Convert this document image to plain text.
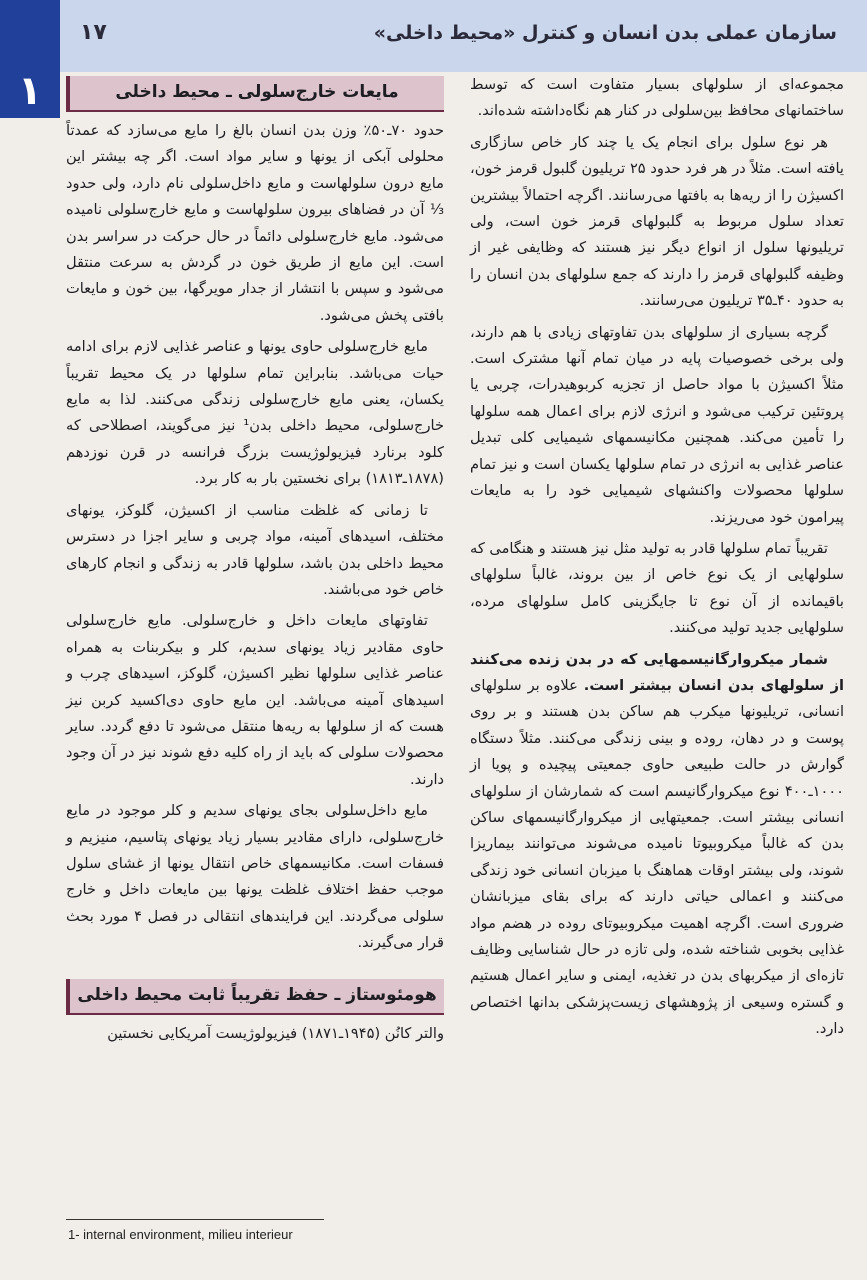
۱
۱۷	سازمان عملی بدن انسان و کنترل «محیط داخلی»
مایعات خارج‌سلولی ـ محیط داخلی

حدود ۷۰ـ۵۰٪ وزن بدن انسان بالغ را مایع می‌سازد که عمدتاً محلولی آبکی از یونها و سایر مواد است. اگر چه بیشتر این مایع درون سلولهاست و مایع داخل‌سلولی نام دارد، ولی حدود ⅓ آن در فضاهای بیرون سلولهاست و مایع خارج‌سلولی نامیده می‌شود. مایع خارج‌سلولی دائماً در حال حرکت در سراسر بدن است. این مایع از طریق خون در گردش به سرعت منتقل می‌شود و سپس با انتشار از جدار مویرگها، بین خون و مایعات بافتی پخش می‌شود.

مایع خارج‌سلولی حاوی یونها و عناصر غذایی لازم برای ادامه حیات می‌باشد. بنابراین تمام سلولها در یک محیط تقریباً یکسان، یعنی مایع خارج‌سلولی زندگی می‌کنند. لذا به مایع خارج‌سلولی، محیط داخلی بدن¹ نیز می‌گویند، اصطلاحی که کلود برنارد فیزیولوژیست بزرگ فرانسه در قرن نوزدهم (۱۸۷۸ـ۱۸۱۳) برای نخستین بار به کار برد.

تا زمانی که غلظت مناسب از اکسیژن، گلوکز، یونهای مختلف، اسیدهای آمینه، مواد چربی و سایر اجزا در دسترس محیط داخلی بدن باشد، سلولها قادر به زندگی و انجام کارهای خاص خود می‌باشند.

تفاوتهای مایعات داخل و خارج‌سلولی. مایع خارج‌سلولی حاوی مقادیر زیاد یونهای سدیم، کلر و بیکربنات به همراه عناصر غذایی سلولها نظیر اکسیژن، گلوکز، اسیدهای چرب و اسیدهای آمینه می‌باشد. این مایع حاوی دی‌اکسید کربن نیز هست که از سلولها به ریه‌ها منتقل می‌شود تا دفع گردد. سایر محصولات سلولی که باید از راه کلیه دفع شوند نیز در آن وجود دارند.

مایع داخل‌سلولی بجای یونهای سدیم و کلر موجود در مایع خارج‌سلولی، دارای مقادیر بسیار زیاد یونهای پتاسیم، منیزیم و فسفات است. مکانیسمهای خاص انتقال یونها از غشای سلول موجب حفظ اختلاف غلظت یونها بین مایعات داخل و خارج سلولی می‌گردند. این فرایندهای انتقالی در فصل ۴ مورد بحث قرار می‌گیرند.

هومئوستاز ـ حفظ تقریباً ثابت محیط داخلی

والتر کانُن (۱۹۴۵ـ۱۸۷۱) فیزیولوژیست آمریکایی نخستین

مجموعه‌ای از سلولهای بسیار متفاوت است که توسط ساختمانهای محافظ بین‌سلولی در کنار هم نگاه‌داشته شده‌اند.

هر نوع سلول برای انجام یک یا چند کار خاص سازگاری یافته است. مثلاً در هر فرد حدود ۲۵ تریلیون گلبول قرمز خون، اکسیژن را از ریه‌ها به بافتها می‌رسانند. اگرچه احتمالاً بیشترین تعداد سلول مربوط به گلبولهای قرمز خون است، ولی تریلیونها سلول از انواع دیگر نیز هستند که وظایفی غیر از وظیفه گلبولهای قرمز را دارند که جمع سلولهای بدن انسان را به حدود ۴۰ـ۳۵ تریلیون می‌رسانند.

گرچه بسیاری از سلولهای بدن تفاوتهای زیادی با هم دارند، ولی برخی خصوصیات پایه در میان تمام آنها مشترک است. مثلاً اکسیژن با مواد حاصل از تجزیه کربوهیدرات، چربی یا پروتئین ترکیب می‌شود و انرژی لازم برای اعمال همه سلولها را تأمین می‌کند. همچنین مکانیسمهای شیمیایی کلی تبدیل عناصر غذایی به انرژی در تمام سلولها یکسان است و نیز تمام سلولها محصولات واکنشهای شیمیایی خود را به مایعات پیرامون خود می‌ریزند.

تقریباً تمام سلولها قادر به تولید مثل نیز هستند و هنگامی که سلولهایی از یک نوع خاص از بین بروند، غالباً سلولهای باقیمانده از آن نوع تا جایگزینی کامل سلولهای مرده، سلولهایی جدید تولید می‌کنند.

شمار میکروارگانیسمهایی که در بدن زنده می‌کنند از سلولهای بدن انسان بیشتر است. علاوه بر سلولهای انسانی، تریلیونها میکرب هم ساکن بدن هستند و بر روی پوست و در دهان، روده و بینی زندگی می‌کنند. مثلاً دستگاه گوارش در حالت طبیعی حاوی جمعیتی پیچیده و پویا از ۱۰۰۰ـ۴۰۰ نوع میکروارگانیسم است که شمارشان از سلولهای انسانی بیشتر است. جمعیتهایی از میکروارگانیسمهای ساکن بدن که غالباً میکروبیوتا نامیده می‌شوند می‌توانند بیماریزا شوند، ولی بیشتر اوقات هماهنگ با میزبان انسانی خود زندگی می‌کنند و اعمالی حیاتی دارند که برای بقای میزبانشان ضروری است. اگرچه اهمیت میکروبیوتای روده در هضم مواد غذایی بخوبی شناخته شده، ولی تازه در حال شناسایی وظایف تازه‌ای از میکربهای بدن در تغذیه، ایمنی و سایر اعمال هستیم و گستره وسیعی از پژوهشهای زیست‌پزشکی بدانها اختصاص دارد.

1- internal environment, milieu interieur
